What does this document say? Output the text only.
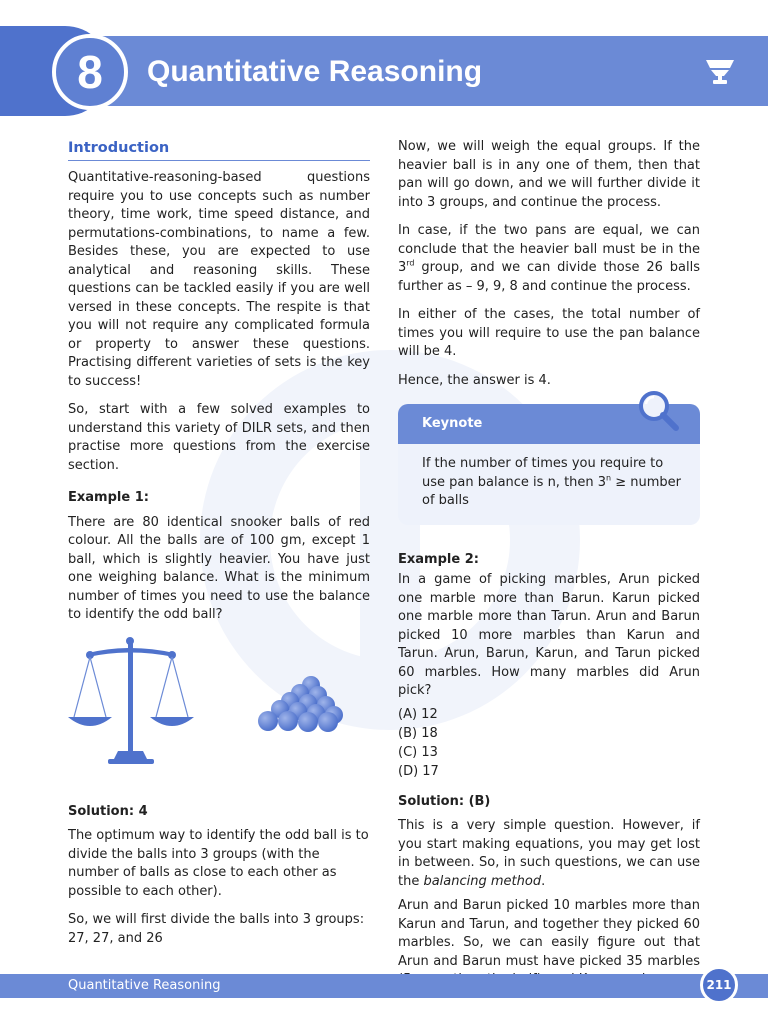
8 Quantitative Reasoning
Introduction

Quantitative-reasoning-based questions require you to use concepts such as number theory, time work, time speed distance, and permutations-combinations, to name a few. Besides these, you are expected to use analytical and reasoning skills. These questions can be tackled easily if you are well versed in these concepts. The respite is that you will not require any complicated formula or property to answer these questions. Practising different varieties of sets is the key to success!

So, start with a few solved examples to understand this variety of DILR sets, and then practise more questions from the exercise section.

Example 1:

There are 80 identical snooker balls of red colour. All the balls are of 100 gm, except 1 ball, which is slightly heavier. You have just one weighing balance. What is the minimum number of times you need to use the balance to identify the odd ball?

Solution: 4

The optimum way to identify the odd ball is to divide the balls into 3 groups (with the number of balls as close to each other as possible to each other).

So, we will first divide the balls into 3 groups: 27, 27, and 26

Now, we will weigh the equal groups. If the heavier ball is in any one of them, then that pan will go down, and we will further divide it into 3 groups, and continue the process.

In case, if the two pans are equal, we can conclude that the heavier ball must be in the 3rd group, and we can divide those 26 balls further as – 9, 9, 8 and continue the process.

In either of the cases, the total number of times you will require to use the pan balance will be 4.

Hence, the answer is 4.

Keynote
If the number of times you require to use pan balance is n, then $3^n$ ≥ number of balls
Example 2:

In a game of picking marbles, Arun picked one marble more than Barun. Karun picked one marble more than Tarun. Arun and Barun picked 10 more marbles than Karun and Tarun. Arun, Barun, Karun, and Tarun picked 60 marbles. How many marbles did Arun pick?

(A) 12

(B) 18

(C) 13

(D) 17

Solution: (B)

This is a very simple question. However, if you start making equations, you may get lost in between. So, in such questions, we can use the balancing method.

Arun and Barun picked 10 marbles more than Karun and Tarun, and together they picked 60 marbles. So, we can easily figure out that Arun and Barun must have picked 35 marbles

Quantitative Reasoning	211
